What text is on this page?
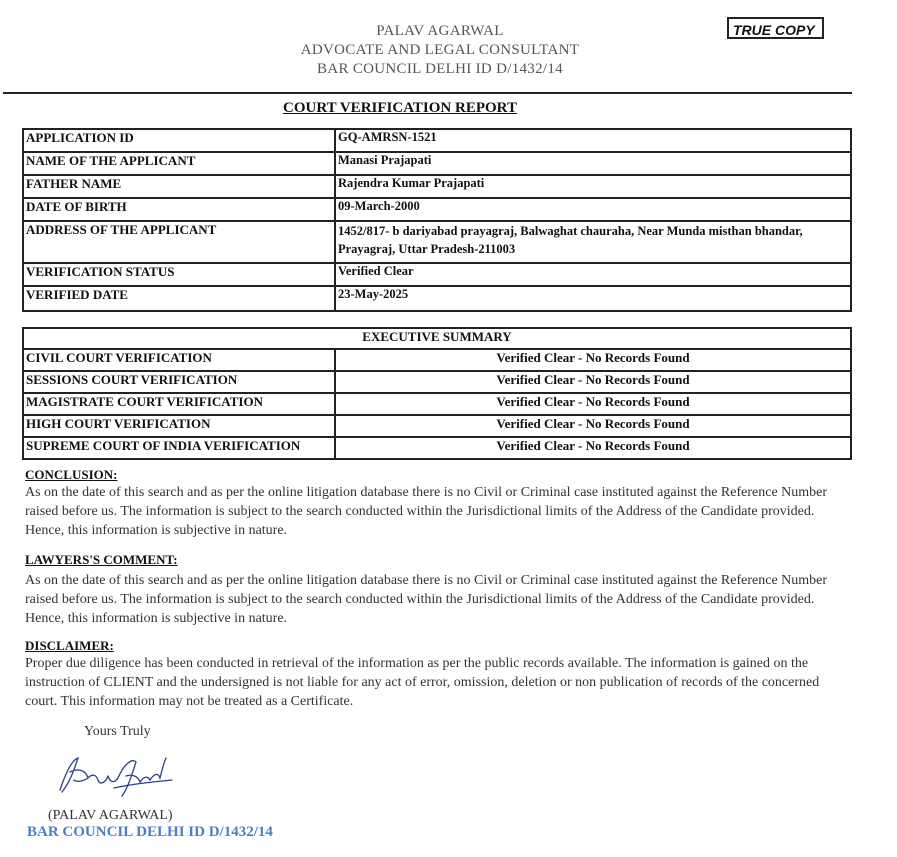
PALAV AGARWAL
ADVOCATE AND LEGAL CONSULTANT
BAR COUNCIL DELHI ID D/1432/14
TRUE COPY
COURT VERIFICATION REPORT
APPLICATION ID	GQ-AMRSN-1521
NAME OF THE APPLICANT	Manasi Prajapati
FATHER NAME	Rajendra Kumar Prajapati
DATE OF BIRTH	09-March-2000
ADDRESS OF THE APPLICANT	1452/817- b dariyabad prayagraj, Balwaghat chauraha, Near Munda misthan bhandar, Prayagraj, Uttar Pradesh-211003
VERIFICATION STATUS	Verified Clear
VERIFIED DATE	23-May-2025
EXECUTIVE SUMMARY	
CIVIL COURT VERIFICATION	Verified Clear - No Records Found
SESSIONS COURT VERIFICATION	Verified Clear - No Records Found
MAGISTRATE COURT VERIFICATION	Verified Clear - No Records Found
HIGH COURT VERIFICATION	Verified Clear - No Records Found
SUPREME COURT OF INDIA VERIFICATION	Verified Clear - No Records Found
CONCLUSION:
As on the date of this search and as per the online litigation database there is no Civil or Criminal case instituted against the Reference Number raised before us. The information is subject to the search conducted within the Jurisdictional limits of the Address of the Candidate provided. Hence, this information is subjective in nature.
LAWYERS'S COMMENT:
As on the date of this search and as per the online litigation database there is no Civil or Criminal case instituted against the Reference Number raised before us. The information is subject to the search conducted within the Jurisdictional limits of the Address of the Candidate provided. Hence, this information is subjective in nature.
DISCLAIMER:
Proper due diligence has been conducted in retrieval of the information as per the public records available. The information is gained on the instruction of CLIENT and the undersigned is not liable for any act of error, omission, deletion or non publication of records of the concerned court. This information may not be treated as a Certificate.
Yours Truly
(PALAV AGARWAL)
BAR COUNCIL DELHI ID D/1432/14
